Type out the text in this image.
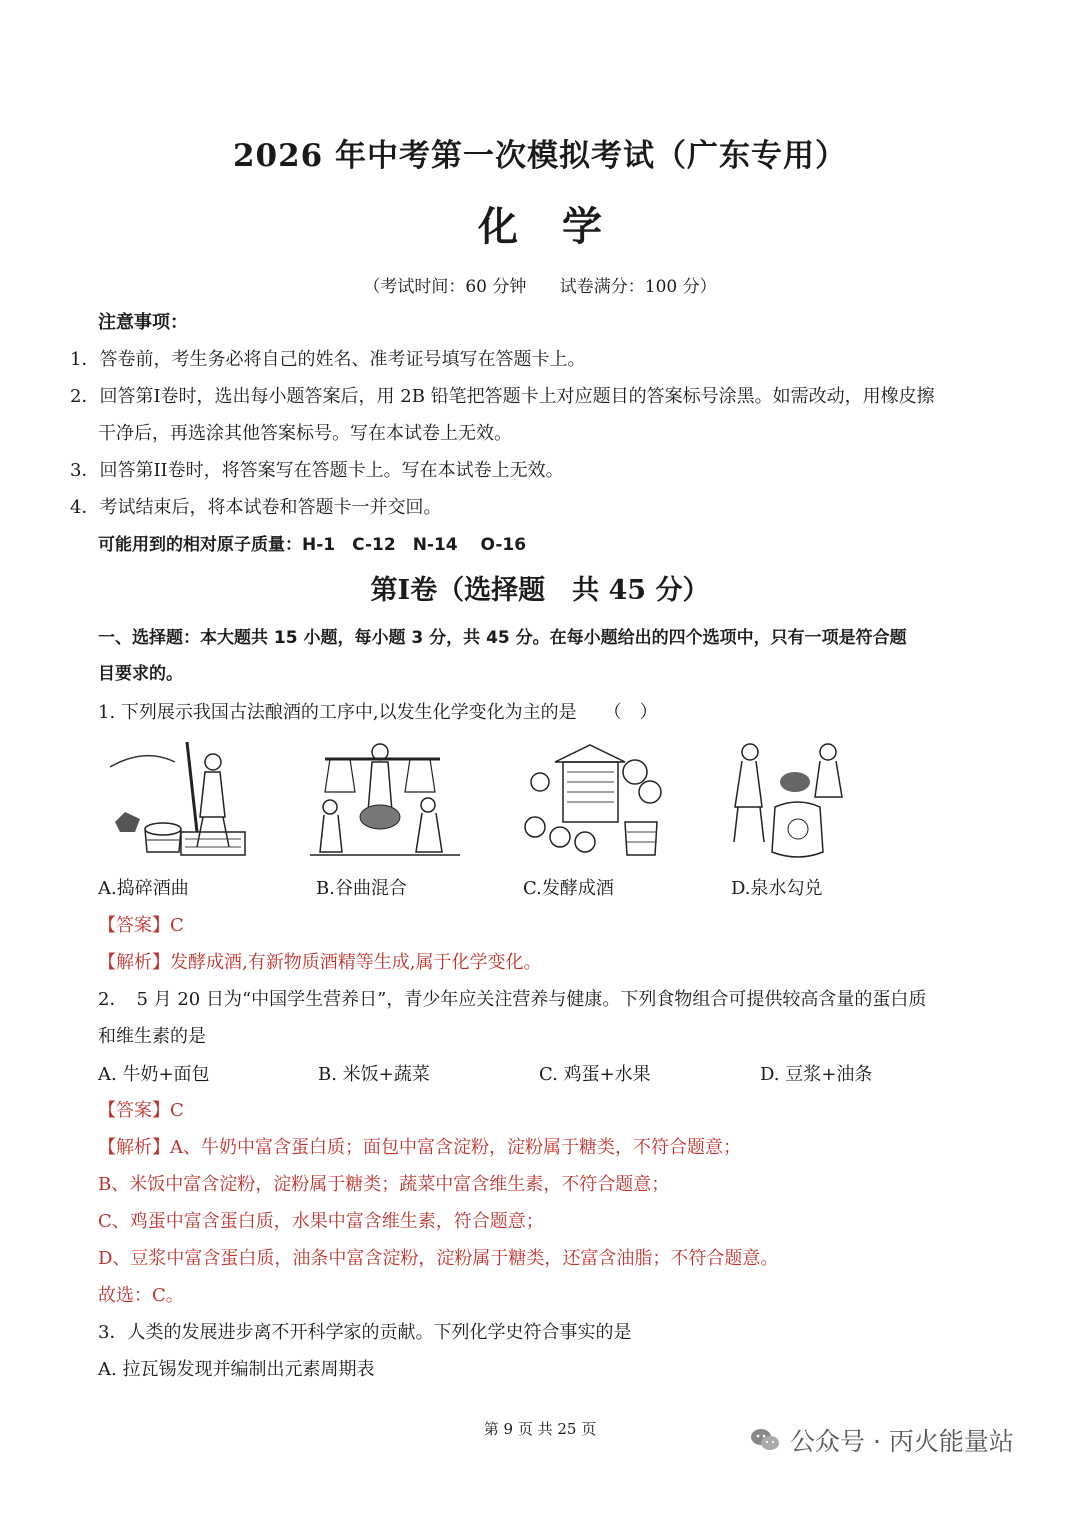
2026 年中考第一次模拟考试（广东专用）
化学
（考试时间：60 分钟 试卷满分：100 分）
注意事项：
1．答卷前，考生务必将自己的姓名、准考证号填写在答题卡上。
2．回答第I卷时，选出每小题答案后，用 2B 铅笔把答题卡上对应题目的答案标号涂黑。如需改动，用橡皮擦
干净后，再选涂其他答案标号。写在本试卷上无效。
3．回答第II卷时，将答案写在答题卡上。写在本试卷上无效。
4．考试结束后，将本试卷和答题卡一并交回。
可能用到的相对原子质量：H-1　C-12　N-14　 O-16
第I卷（选择题　共 45 分）
一、选择题：本大题共 15 小题，每小题 3 分，共 45 分。在每小题给出的四个选项中，只有一项是符合题
目要求的。
1. 下列展示我国古法酿酒的工序中,以发生化学变化为主的是　　（　）
A.捣碎酒曲	B.谷曲混合	C.发酵成酒	D.泉水勾兑
【答案】C
【解析】发酵成酒,有新物质酒精等生成,属于化学变化。
2．　5 月 20 日为“中国学生营养日”，青少年应关注营养与健康。下列食物组合可提供较高含量的蛋白质
和维生素的是
A. 牛奶+面包	B. 米饭+蔬菜	C. 鸡蛋+水果	D. 豆浆+油条
【答案】C
【解析】A、牛奶中富含蛋白质；面包中富含淀粉，淀粉属于糖类，不符合题意；
B、米饭中富含淀粉，淀粉属于糖类；蔬菜中富含维生素，不符合题意；
C、鸡蛋中富含蛋白质，水果中富含维生素，符合题意；
D、豆浆中富含蛋白质，油条中富含淀粉，淀粉属于糖类，还富含油脂；不符合题意。
故选：C。
3．人类的发展进步离不开科学家的贡献。下列化学史符合事实的是
A. 拉瓦锡发现并编制出元素周期表
第 9 页 共 25 页	公众号 · 丙火能量站
